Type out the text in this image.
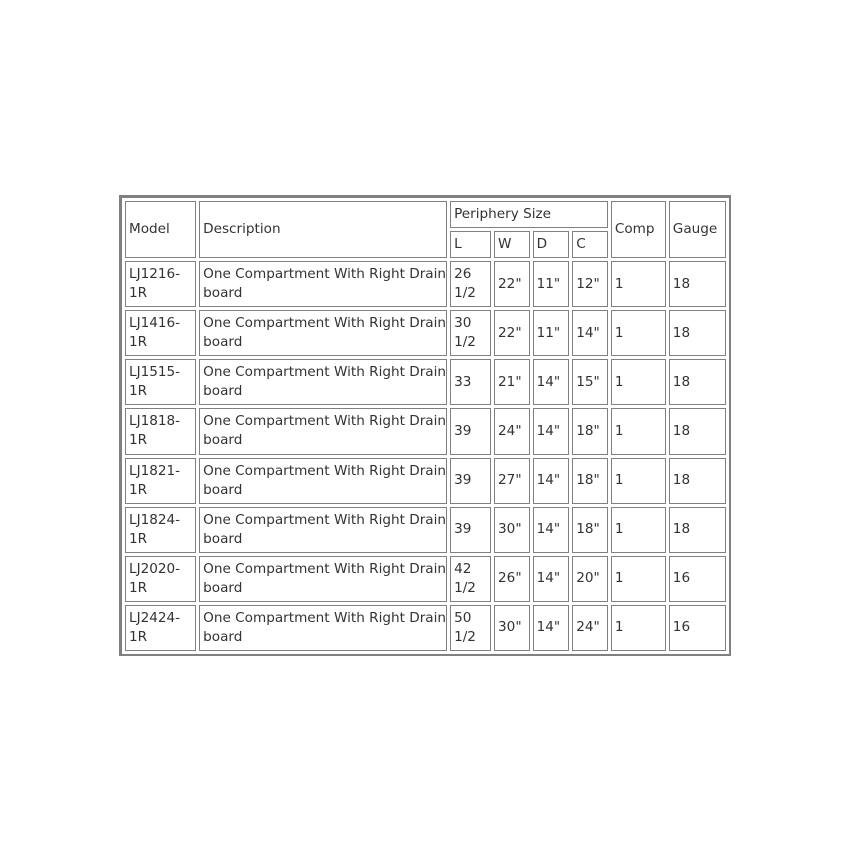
Model	Description	Periphery Size				Comp	Gauge
		L	W	D	C		
LJ1216-1R	One Compartment With Right Drain board	26 1/2	22"	11"	12"	1	18
LJ1416-1R	One Compartment With Right Drain board	30 1/2	22"	11"	14"	1	18
LJ1515-1R	One Compartment With Right Drain board	33	21"	14"	15"	1	18
LJ1818-1R	One Compartment With Right Drain board	39	24"	14"	18"	1	18
LJ1821-1R	One Compartment With Right Drain board	39	27"	14"	18"	1	18
LJ1824-1R	One Compartment With Right Drain board	39	30"	14"	18"	1	18
LJ2020-1R	One Compartment With Right Drain board	42 1/2	26"	14"	20"	1	16
LJ2424-1R	One Compartment With Right Drain board	50 1/2	30"	14"	24"	1	16
